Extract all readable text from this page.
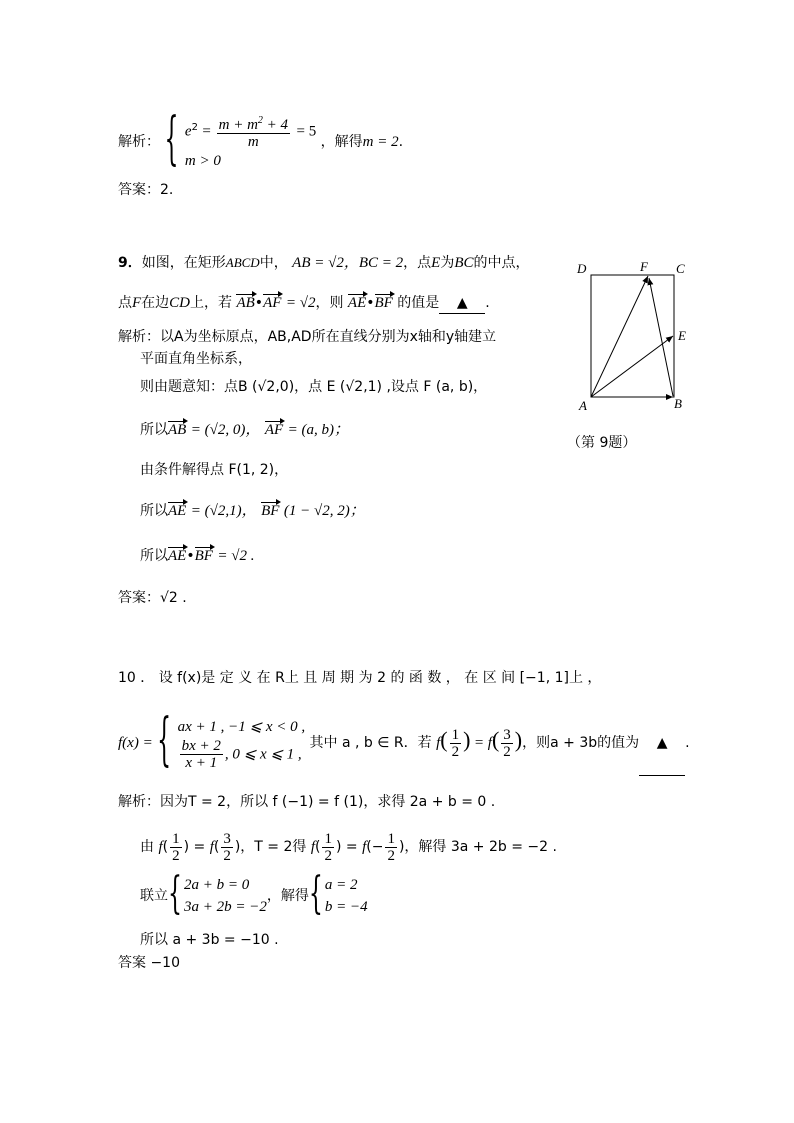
解析： { $e^2 = \frac{m + m^2 + 4}{m} = 5$
m > 0
，解得m = 2.
答案：2.
9．如图，在矩形ABCD中， AB = √2，BC = 2，点E为BC的中点，
点F在边CD上，若 AB•AF = √2，则 AE•BF 的值是 ▲ .
解析：以A为坐标原点，AB,AD所在直线分别为x轴和y轴建立
平面直角坐标系，
则由题意知：点B (√2,0)，点 E (√2,1) ,设点 F (a, b)，
所以AB = (√2, 0)， AF = (a, b)；
由条件解得点 F(1, 2)，
所以AE = (√2,1)， BF (1 − √2, 2)；
所以AE•BF = √2 .
答案：√2 .
D	F C
E
A	B
（第 9题）
10 ． 设 f(x)是 定 义 在 R上 且 周 期 为 2 的 函 数 ， 在 区 间 [−1, 1]上 ，
f(x) = { ax + 1 , −1 ⩽ x < 0 ,
$\frac{bx + 2}{x + 1}$ , 0 ⩽ x ⩽ 1 ,
其中 a , b ∈ R．若 $f( \frac{1}{2}$ ) = $f( \frac{3}{2}$ )，则a + 3b的值为 ▲ .
解析：因为T = 2，所以 f (−1) = f (1)，求得 2a + b = 0 .
由 $f( \frac{1}{2}$ ) = $f( \frac{3}{2}$ )，T = 2得 $f( \frac{1}{2}$ ) = $f(- \frac{1}{2}$ )，解得 3a + 2b = −2 .
联立{ 2a + b = 0
3a + 2b = −2
，解得{ a = 2
b = −4
所以 a + 3b = −10 .
答案 −10
